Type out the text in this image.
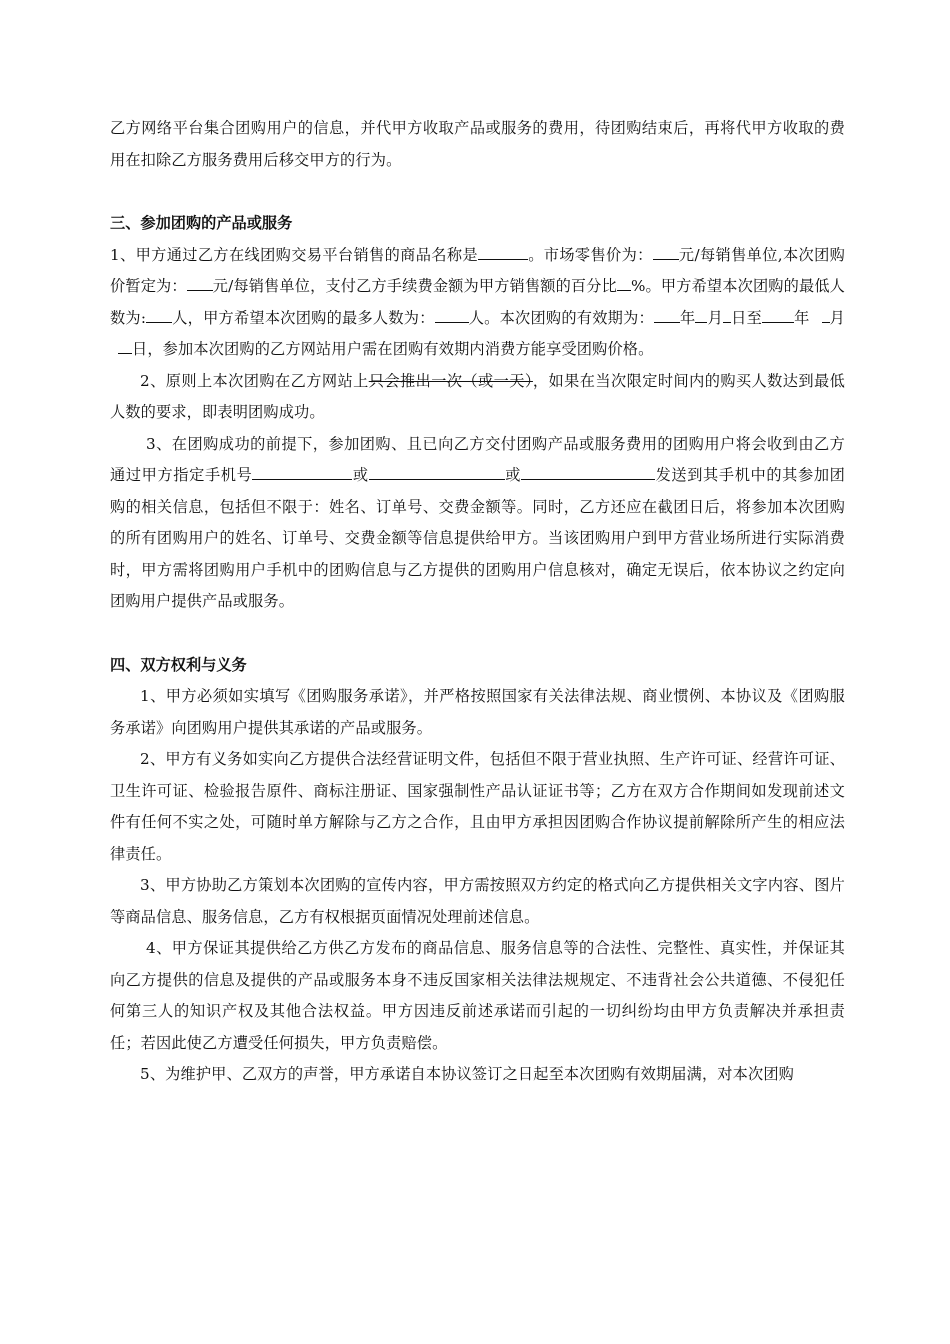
乙方网络平台集合团购用户的信息，并代甲方收取产品或服务的费用，待团购结束后，再将代甲方收取的费用在扣除乙方服务费用后移交甲方的行为。

三、参加团购的产品或服务

1、甲方通过乙方在线团购交易平台销售的商品名称是	。市场零售价为： 元/每销售单位,本次团购价暂定为： 元/每销售单位，支付乙方手续费金额为甲方销售额的百分比 %。甲方希望本次团购的最低人数为: 人，甲方希望本次团购的最多人数为： 人。本次团购的有效期为： 年 月 日至 年 月日，参加本次团购的乙方网站用户需在团购有效期内消费方能享受团购价格。

2、原则上本次团购在乙方网站上只会推出一次（或一天），如果在当次限定时间内的购买人数达到最低人数的要求，即表明团购成功。

3、在团购成功的前提下，参加团购、且已向乙方交付团购产品或服务费用的团购用户将会收到由乙方通过甲方指定手机号	或	或	发送到其手机中的其参加团购的相关信息，包括但不限于：姓名、订单号、交费金额等。同时，乙方还应在截团日后，将参加本次团购的所有团购用户的姓名、订单号、交费金额等信息提供给甲方。当该团购用户到甲方营业场所进行实际消费时，甲方需将团购用户手机中的团购信息与乙方提供的团购用户信息核对，确定无误后，依本协议之约定向团购用户提供产品或服务。

四、双方权利与义务

1、甲方必须如实填写《团购服务承诺》，并严格按照国家有关法律法规、商业惯例、本协议及《团购服务承诺》向团购用户提供其承诺的产品或服务。

2、甲方有义务如实向乙方提供合法经营证明文件，包括但不限于营业执照、生产许可证、经营许可证、卫生许可证、检验报告原件、商标注册证、国家强制性产品认证证书等；乙方在双方合作期间如发现前述文件有任何不实之处，可随时单方解除与乙方之合作，且由甲方承担因团购合作协议提前解除所产生的相应法律责任。

3、甲方协助乙方策划本次团购的宣传内容，甲方需按照双方约定的格式向乙方提供相关文字内容、图片等商品信息、服务信息，乙方有权根据页面情况处理前述信息。

4、甲方保证其提供给乙方供乙方发布的商品信息、服务信息等的合法性、完整性、真实性，并保证其向乙方提供的信息及提供的产品或服务本身不违反国家相关法律法规规定、不违背社会公共道德、不侵犯任何第三人的知识产权及其他合法权益。甲方因违反前述承诺而引起的一切纠纷均由甲方负责解决并承担责任；若因此使乙方遭受任何损失，甲方负责赔偿。

5、为维护甲、乙双方的声誉，甲方承诺自本协议签订之日起至本次团购有效期届满，对本次团购
